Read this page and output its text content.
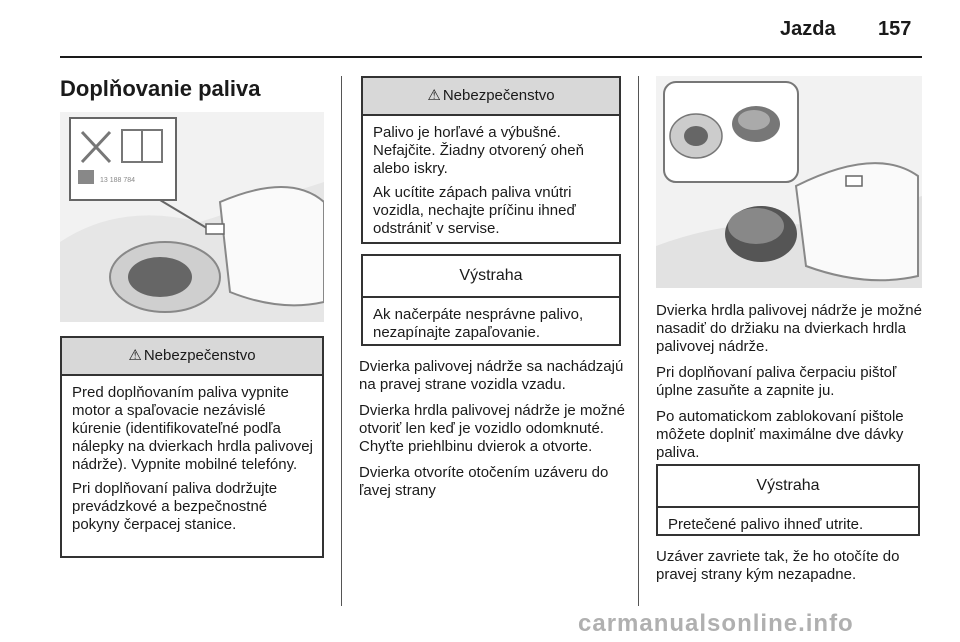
Jazda 157
Doplňovanie paliva
13 188 784
⚠ Nebezpečenstvo

Pred doplňovaním paliva vypnite motor a spaľovacie nezávislé kúrenie (identifikovateľné podľa nálepky na dvierkach hrdla palivovej nádrže). Vypnite mobilné telefóny.

Pri doplňovaní paliva dodržujte prevádzkové a bezpečnostné pokyny čerpacej stanice.

⚠ Nebezpečenstvo

Palivo je horľavé a výbušné. Nefajčite. Žiadny otvorený oheň alebo iskry.

Ak ucítite zápach paliva vnútri vozidla, nechajte príčinu ihneď odstrániť v servise.

Výstraha

Ak načerpáte nesprávne palivo, nezapínajte zapaľovanie.

Dvierka palivovej nádrže sa nachádzajú na pravej strane vozidla vzadu.

Dvierka hrdla palivovej nádrže je možné otvoriť len keď je vozidlo odomknuté. Chyťte priehlbinu dvierok a otvorte.

Dvierka otvoríte otočením uzáveru do ľavej strany

Dvierka hrdla palivovej nádrže je možné nasadiť do držiaku na dvierkach hrdla palivovej nádrže.

Pri doplňovaní paliva čerpaciu pištoľ úplne zasuňte a zapnite ju.

Po automatickom zablokovaní pištole môžete doplniť maximálne dve dávky paliva.

Výstraha

Pretečené palivo ihneď utrite.

Uzáver zavriete tak, že ho otočíte do pravej strany kým nezapadne.

carmanualsonline.info
